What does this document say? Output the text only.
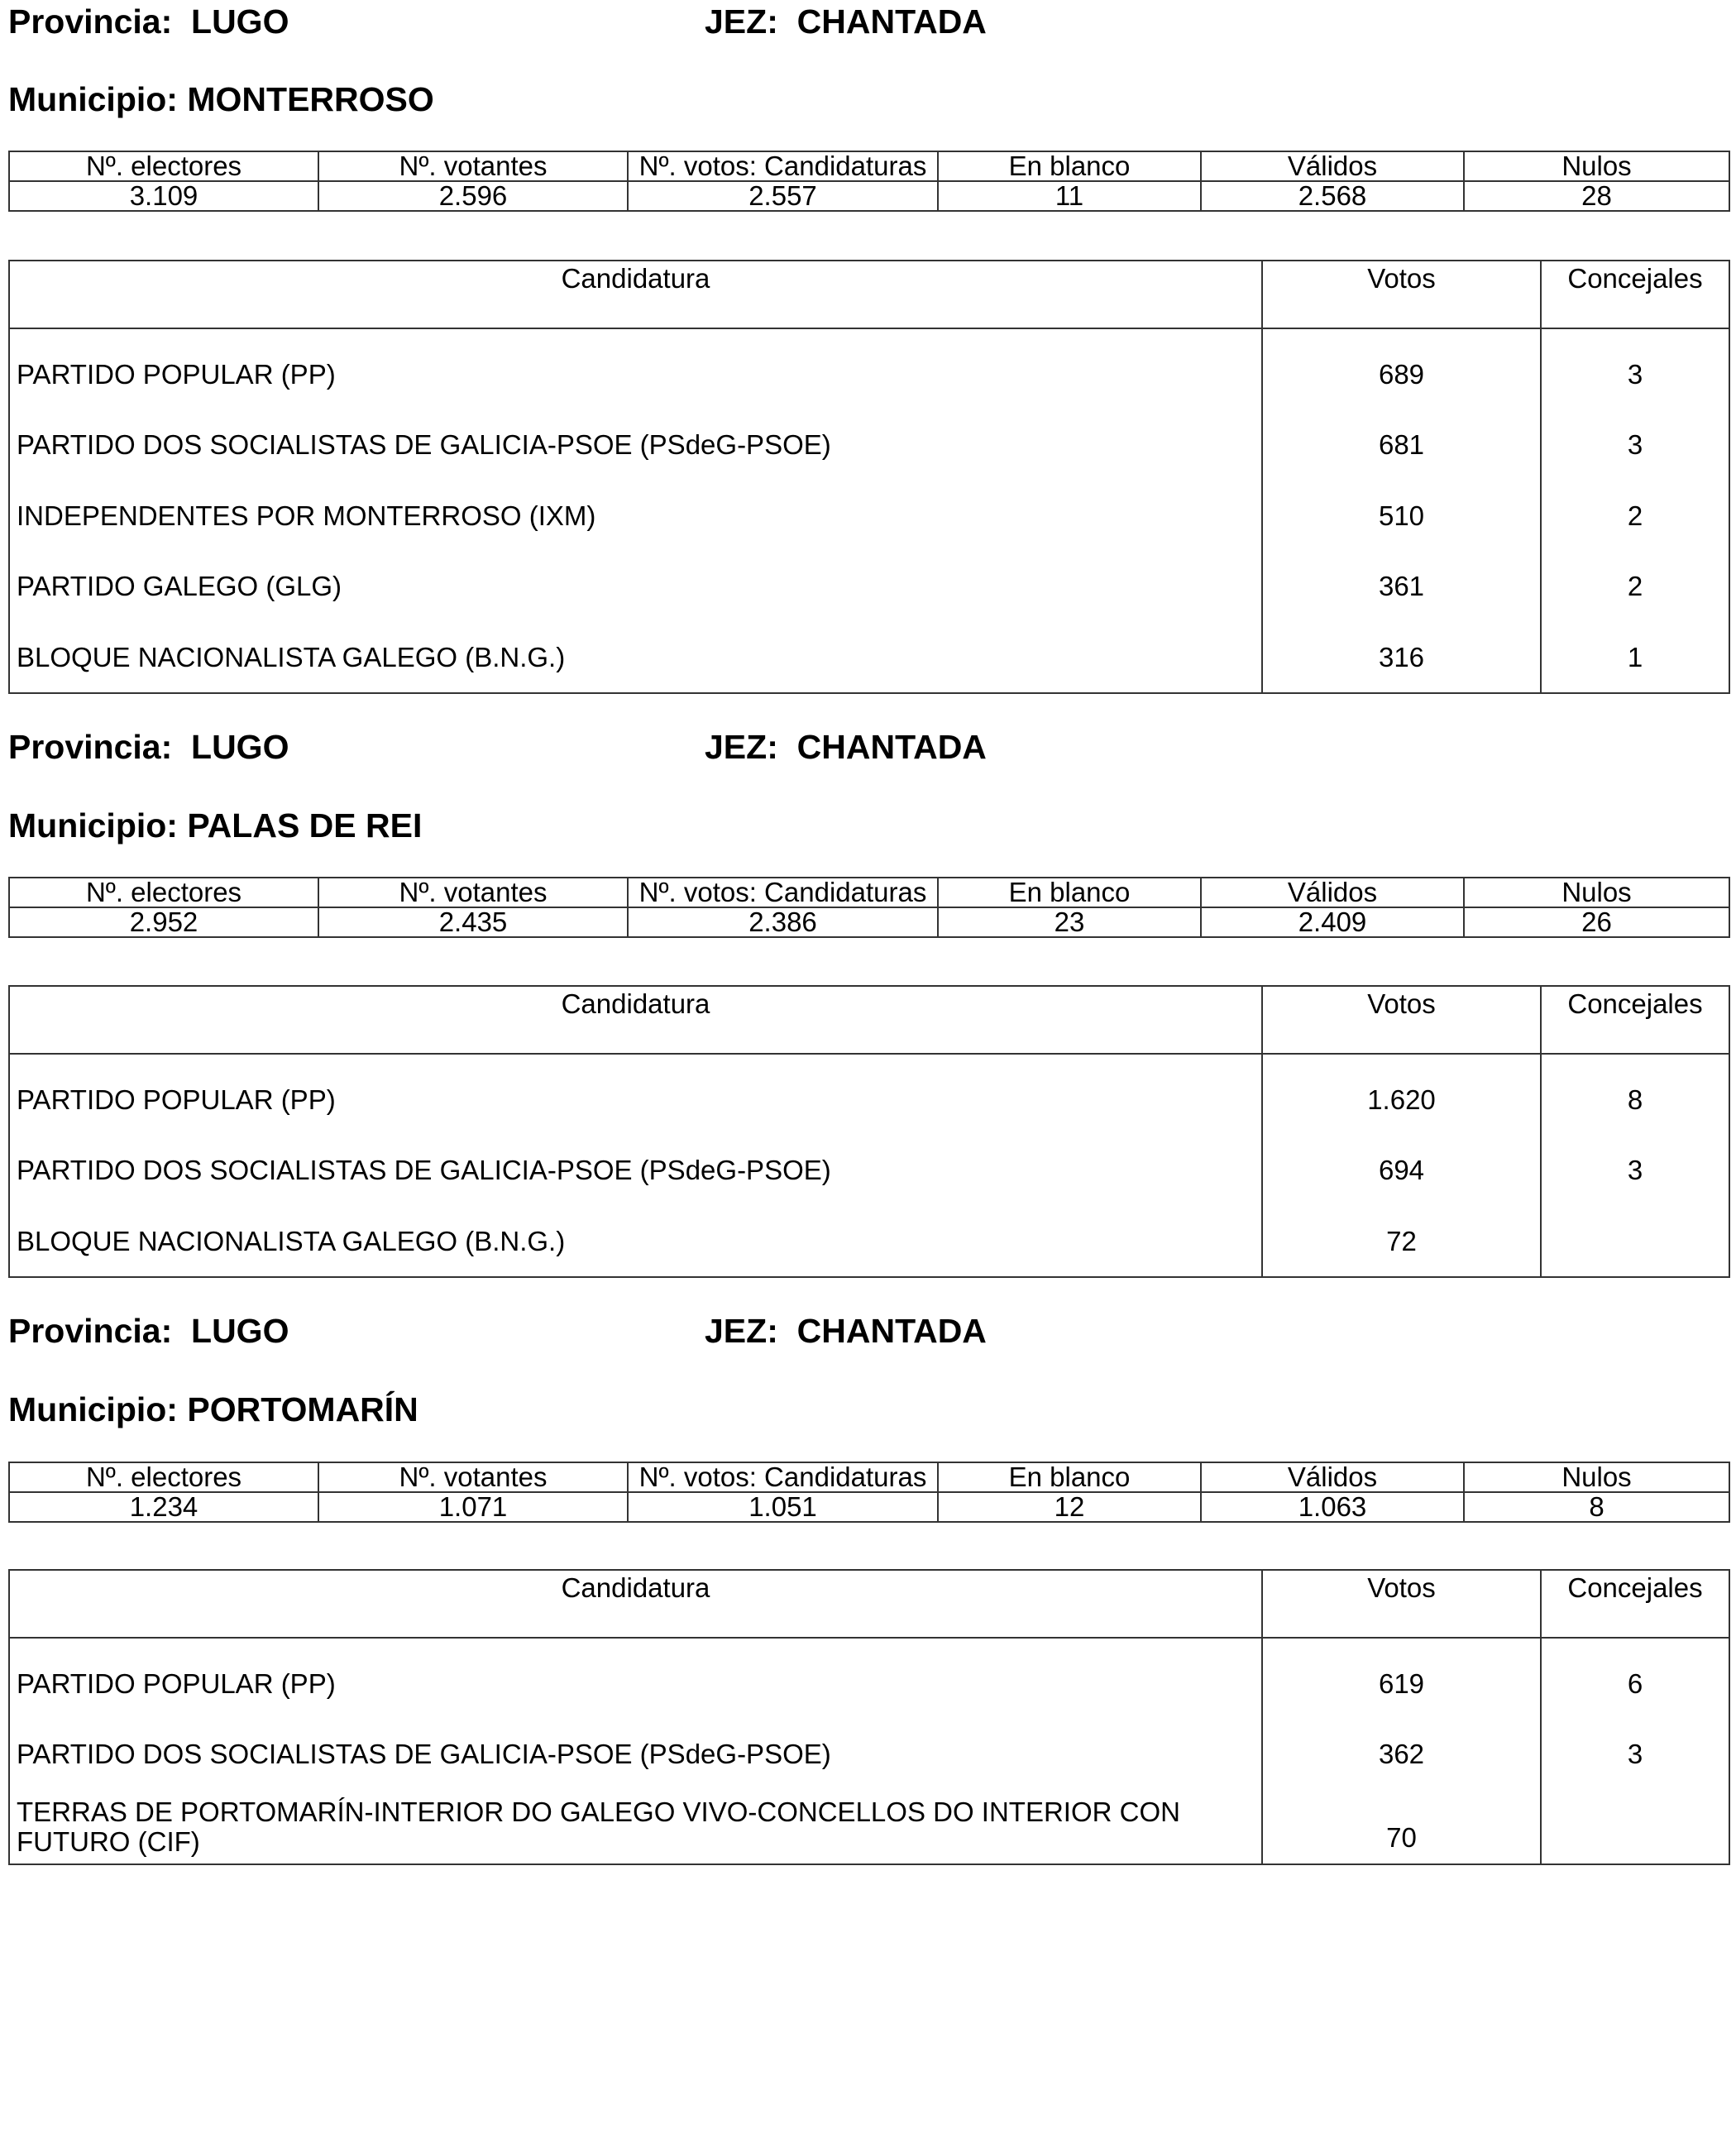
Provincia: LUGO	JEZ: CHANTADA
Municipio: MONTERROSO
Nº. electores	Nº. votantes	Nº. votos: Candidaturas	En blanco	Válidos	Nulos
3.109	2.596	2.557	11	2.568	28
Candidatura	Votos	Concejales
PARTIDO POPULAR (PP)	689	3
PARTIDO DOS SOCIALISTAS DE GALICIA-PSOE (PSdeG-PSOE)	681	3
INDEPENDENTES POR MONTERROSO (IXM)	510	2
PARTIDO GALEGO (GLG)	361	2
BLOQUE NACIONALISTA GALEGO (B.N.G.)	316	1
Provincia: LUGO	JEZ: CHANTADA
Municipio: PALAS DE REI
Nº. electores	Nº. votantes	Nº. votos: Candidaturas	En blanco	Válidos	Nulos
2.952	2.435	2.386	23	2.409	26
Candidatura	Votos	Concejales
PARTIDO POPULAR (PP)	1.620	8
PARTIDO DOS SOCIALISTAS DE GALICIA-PSOE (PSdeG-PSOE)	694	3
BLOQUE NACIONALISTA GALEGO (B.N.G.)	72	
Provincia: LUGO	JEZ: CHANTADA
Municipio: PORTOMARÍN
Nº. electores	Nº. votantes	Nº. votos: Candidaturas	En blanco	Válidos	Nulos
1.234	1.071	1.051	12	1.063	8
Candidatura	Votos	Concejales
PARTIDO POPULAR (PP)	619	6
PARTIDO DOS SOCIALISTAS DE GALICIA-PSOE (PSdeG-PSOE)	362	3
TERRAS DE PORTOMARÍN-INTERIOR DO GALEGO VIVO-CONCELLOS DO INTERIOR CON FUTURO (CIF)	70	
